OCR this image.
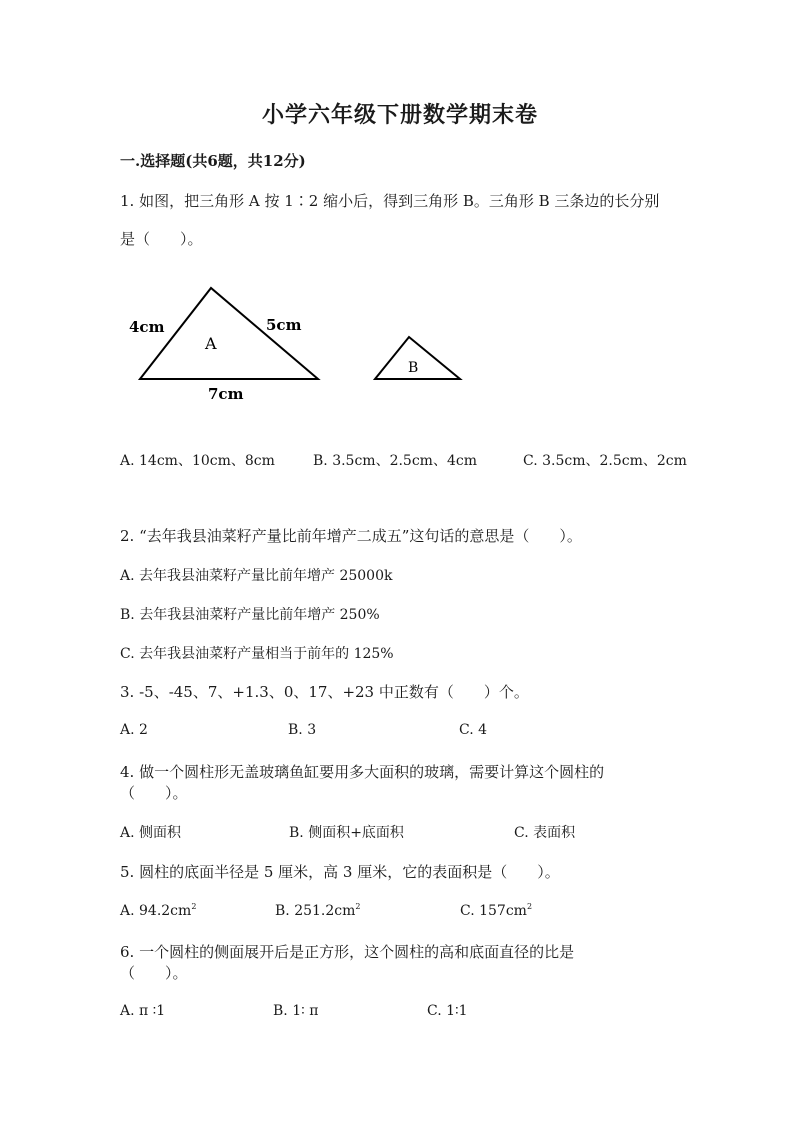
小学六年级下册数学期末卷
一.选择题(共6题，共12分)
1. 如图，把三角形 A 按 1∶2 缩小后，得到三角形 B。三角形 B 三条边的长分别
是（　　）。
A
B
4cm	5cm
7cm
A. 14cm、10cm、8cm	B. 3.5cm、2.5cm、4cm	C. 3.5cm、2.5cm、2cm
2. “去年我县油菜籽产量比前年增产二成五”这句话的意思是（　　）。
A. 去年我县油菜籽产量比前年增产 25000k
B. 去年我县油菜籽产量比前年增产 250%
C. 去年我县油菜籽产量相当于前年的 125%
3. -5、-45、7、+1.3、0、17、+23 中正数有（　　）个。
A. 2	B. 3	C. 4
4. 做一个圆柱形无盖玻璃鱼缸要用多大面积的玻璃，需要计算这个圆柱的
（　　）。
A. 侧面积	B. 侧面积+底面积	C. 表面积
5. 圆柱的底面半径是 5 厘米，高 3 厘米，它的表面积是（　　）。
A. $94.2cm^2$	B. $251.2cm^2$	C. $157cm^2$
6. 一个圆柱的侧面展开后是正方形，这个圆柱的高和底面直径的比是
（　　）。
A. π ∶1	B. 1∶ π	C. 1∶1
